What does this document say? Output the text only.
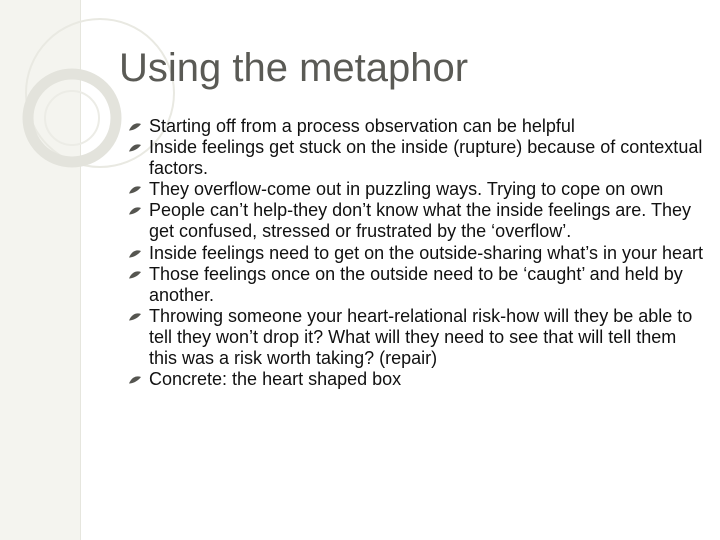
Using the metaphor
Starting off from a process observation can be helpful
Inside feelings get stuck on the inside (rupture) because of contextual factors.
They overflow-come out in puzzling ways. Trying to cope on own
People can’t help-they don’t know what the inside feelings are. They get confused, stressed or frustrated by the ‘overflow’.
Inside feelings need to get on the outside-sharing what’s in your heart
Those feelings once on the outside need to be ‘caught’ and held by another.
Throwing someone your heart-relational risk-how will they be able to tell they won’t drop it? What will they need to see that will tell them this was a risk worth taking? (repair)
Concrete: the heart shaped box
